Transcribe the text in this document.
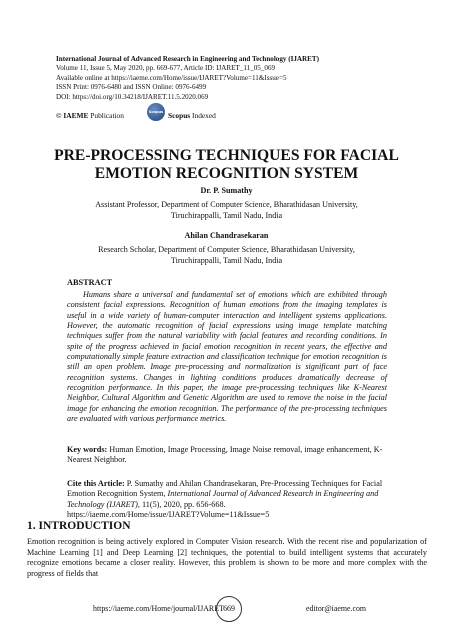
International Journal of Advanced Research in Engineering and Technology (IJARET)
Volume 11, Issue 5, May 2020, pp. 669-677, Article ID: IJARET_11_05_069
Available online at https://iaeme.com/Home/issue/IJARET?Volume=11&Issue=5
ISSN Print: 0976-6480 and ISSN Online: 0976-6499
DOI: https://doi.org/10.34218/IJARET.11.5.2020.069
© IAEME Publication	Scopus Scopus Indexed
PRE-PROCESSING TECHNIQUES FOR FACIAL
EMOTION RECOGNITION SYSTEM
Dr. P. Sumathy
Assistant Professor, Department of Computer Science, Bharathidasan University,
Tiruchirappalli, Tamil Nadu, India
Ahilan Chandrasekaran
Research Scholar, Department of Computer Science, Bharathidasan University,
Tiruchirappalli, Tamil Nadu, India
ABSTRACT
Humans share a universal and fundamental set of emotions which are exhibited through consistent facial expressions. Recognition of human emotions from the imaging templates is useful in a wide variety of human-computer interaction and intelligent systems applications. However, the automatic recognition of facial expressions using image template matching techniques suffer from the natural variability with facial features and recording conditions. In spite of the progress achieved in facial emotion recognition in recent years, the effective and computationally simple feature extraction and classification technique for emotion recognition is still an open problem. Image pre-processing and normalization is significant part of face recognition systems. Changes in lighting conditions produces dramatically decrease of recognition performance. In this paper, the image pre-processing techniques like K-Nearest Neighbor, Cultural Algorithm and Genetic Algorithm are used to remove the noise in the facial image for enhancing the emotion recognition. The performance of the pre-processing techniques are evaluated with various performance metrics.
Key words: Human Emotion, Image Processing, Image Noise removal, image enhancement, K-Nearest Neighbor.
Cite this Article: P. Sumathy and Ahilan Chandrasekaran, Pre-Processing Techniques for Facial Emotion Recognition System, International Journal of Advanced Research in Engineering and Technology (IJARET), 11(5), 2020, pp. 656-668.
https://iaeme.com/Home/issue/IJARET?Volume=11&Issue=5
1. INTRODUCTION
Emotion recognition is being actively explored in Computer Vision research. With the recent rise and popularization of Machine Learning [1] and Deep Learning [2] techniques, the potential to build intelligent systems that accurately recognize emotions became a closer reality. However, this problem is shown to be more and more complex with the progress of fields that
https://iaeme.com/Home/journal/IJARET 669	editor@iaeme.com
